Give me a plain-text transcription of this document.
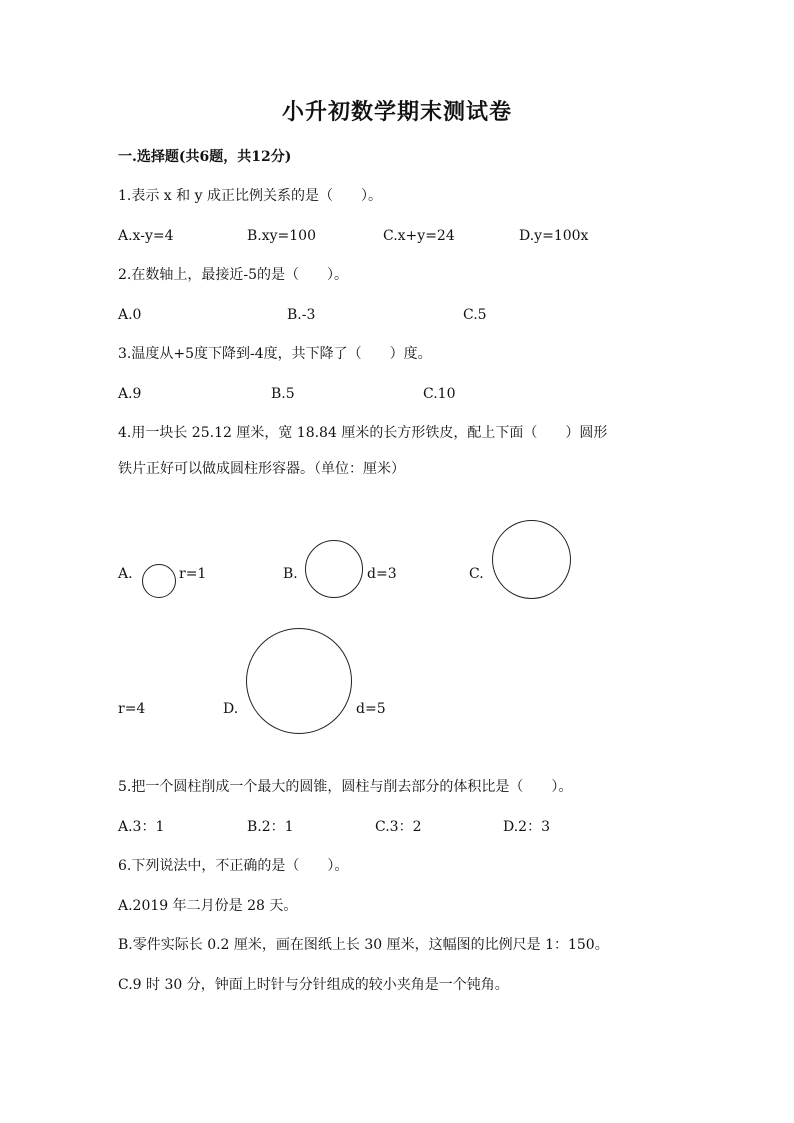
小升初数学期末测试卷
一.选择题(共6题，共12分)
1.表示 x 和 y 成正比例关系的是（　　）。
A.x-y=4	B.xy=100	C.x+y=24	D.y=100x
2.在数轴上，最接近-5的是（　　）。
A.0	B.-3	C.5
3.温度从+5度下降到-4度，共下降了（　　）度。
A.9	B.5	C.10
4.用一块长 25.12 厘米，宽 18.84 厘米的长方形铁皮，配上下面（　　）圆形
铁片正好可以做成圆柱形容器。（单位：厘米）
A.	r=1	B.	d=3	C.
r=4	D.	d=5
5.把一个圆柱削成一个最大的圆锥，圆柱与削去部分的体积比是（　　）。
A.3：1	B.2：1	C.3：2	D.2：3
6.下列说法中，不正确的是（　　）。
A.2019 年二月份是 28 天。
B.零件实际长 0.2 厘米，画在图纸上长 30 厘米，这幅图的比例尺是 1：150。
C.9 时 30 分，钟面上时针与分针组成的较小夹角是一个钝角。
